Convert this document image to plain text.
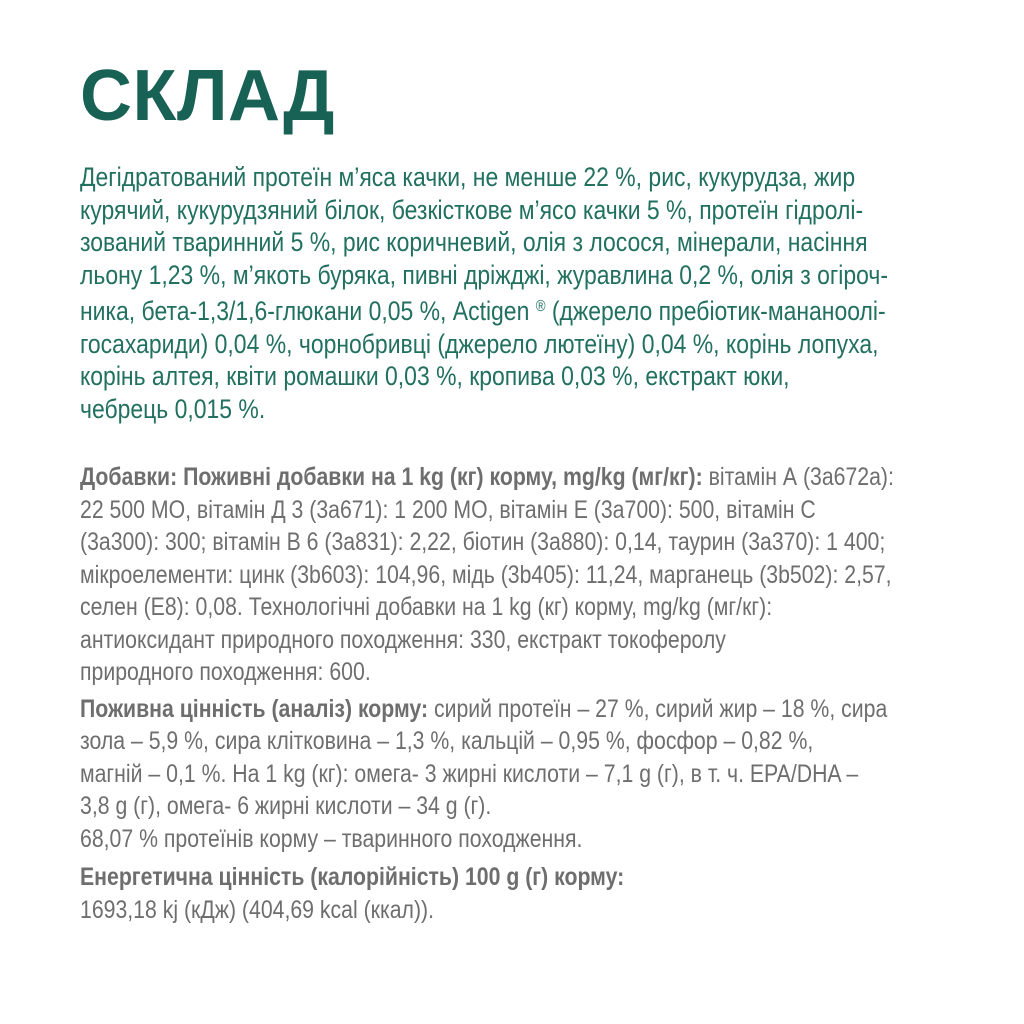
СКЛАД
Дегідратований протеїн м’яса качки, не менше 22 %, рис, кукурудза, жир
курячий, кукурудзяний білок, безкісткове м’ясо качки 5 %, протеїн гідролі-
зований тваринний 5 %, рис коричневий, олія з лосося, мінерали, насіння
льону 1,23 %, м’якоть буряка, пивні дріжджі, журавлина 0,2 %, олія з огіроч-
ника, бета-1,3/1,6-глюкани 0,05 %, Actigen ® (джерело пребіотик-мананоолі-
госахариди) 0,04 %, чорнобривці (джерело лютеїну) 0,04 %, корінь лопуха,
корінь алтея, квіти ромашки 0,03 %, кропива 0,03 %, екстракт юки,
чебрець 0,015 %.
Добавки: Поживні добавки на 1 kg (кг) корму, mg/kg (мг/кг): вітамін А (3а672а):
22 500 МО, вітамін Д 3 (3а671): 1 200 МО, вітамін Е (3а700): 500, вітамін С
(3а300): 300; вітамін В 6 (3а831): 2,22, біотин (3а880): 0,14, таурин (3а370): 1 400;
мікроелементи: цинк (3b603): 104,96, мідь (3b405): 11,24, марганець (3b502): 2,57,
селен (Е8): 0,08. Технологічні добавки на 1 kg (кг) корму, mg/kg (мг/кг):
антиоксидант природного походження: 330, екстракт токоферолу
природного походження: 600.
Поживна цінність (аналіз) корму: сирий протеїн – 27 %, сирий жир – 18 %, сира
зола – 5,9 %, сира клітковина – 1,3 %, кальцій – 0,95 %, фосфор – 0,82 %,
магній – 0,1 %. На 1 kg (кг): омега- 3 жирні кислоти – 7,1 g (г), в т. ч. EPA/DHA –
3,8 g (г), омега- 6 жирні кислоти – 34 g (г).
68,07 % протеїнів корму – тваринного походження.
Енергетична цінність (калорійність) 100 g (г) корму:
1693,18 kj (кДж) (404,69 kcal (ккал)).
